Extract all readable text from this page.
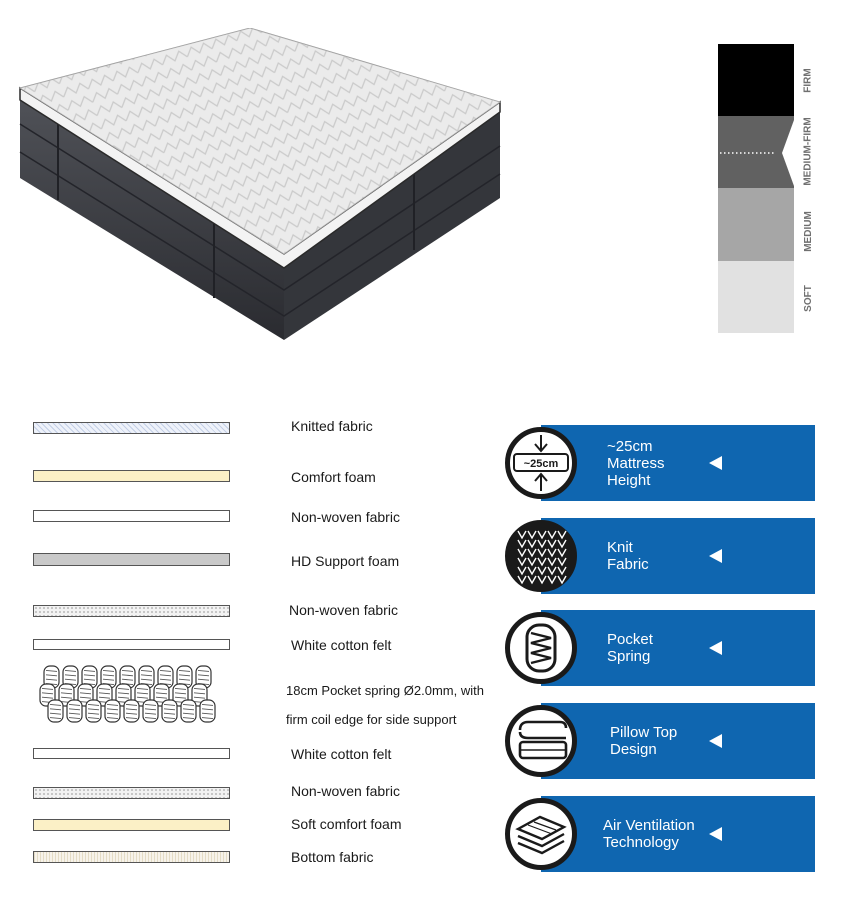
FIRM
MEDIUM-FIRM
MEDIUM
SOFT
Knitted fabric
Comfort foam
Non-woven fabric
HD Support foam
Non-woven fabric
White cotton felt
18cm Pocket spring Ø2.0mm, with
firm coil edge for side support
White cotton felt
Non-woven fabric
Soft comfort foam
Bottom fabric
~25cm
~25cm
Mattress
Height
Knit
Fabric
Pocket
Spring
Pillow Top
Design
Air Ventilation
Technology
